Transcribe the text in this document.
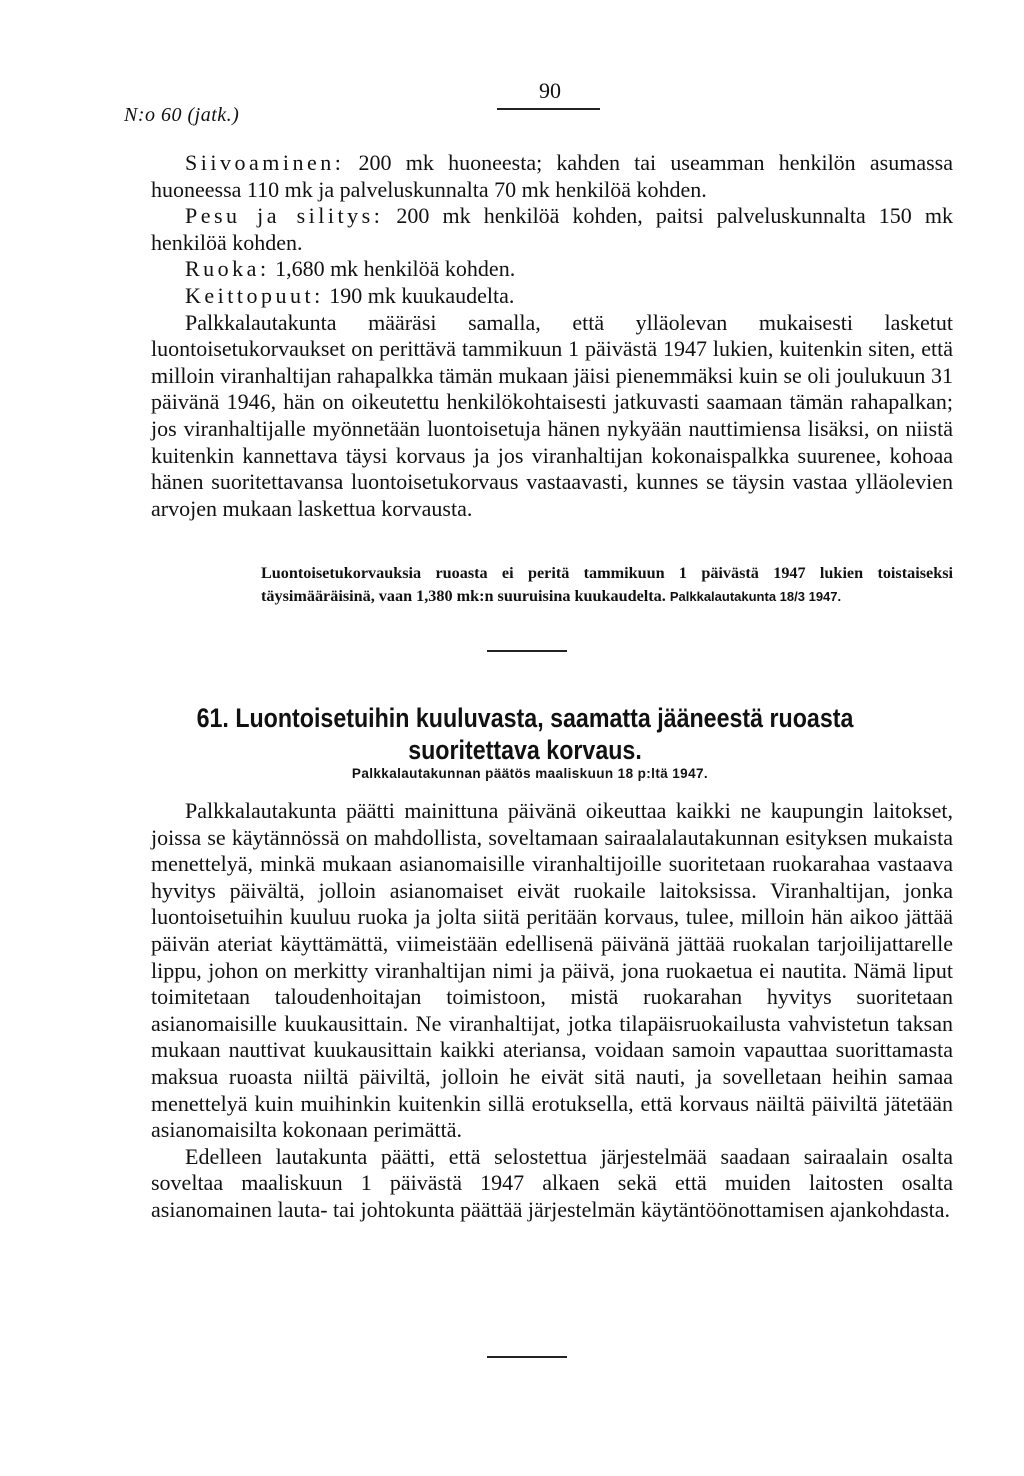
90
N:o 60 (jatk.)

Siivoaminen: 200 mk huoneesta; kahden tai useamman henkilön asumassa huoneessa 110 mk ja palveluskunnalta 70 mk henkilöä kohden.

Pesu ja silitys: 200 mk henkilöä kohden, paitsi palveluskunnalta 150 mk henkilöä kohden.

Ruoka: 1,680 mk henkilöä kohden.

Keittopuut: 190 mk kuukaudelta.

Palkkalautakunta määräsi samalla, että ylläolevan mukaisesti lasketut luontoisetukorvaukset on perittävä tammikuun 1 päivästä 1947 lukien, kuitenkin siten, että milloin viranhaltijan rahapalkka tämän mukaan jäisi pienemmäksi kuin se oli joulukuun 31 päivänä 1946, hän on oikeutettu henkilökohtaisesti jatkuvasti saamaan tämän rahapalkan; jos viranhaltijalle myönnetään luontoisetuja hänen nykyään nauttimiensa lisäksi, on niistä kuitenkin kannettava täysi korvaus ja jos viranhaltijan kokonaispalkka suurenee, kohoaa hänen suoritettavansa luontoisetukorvaus vastaavasti, kunnes se täysin vastaa ylläolevien arvojen mukaan laskettua korvausta.

Luontoisetukorvauksia ruoasta ei peritä tammikuun 1 päivästä 1947 lukien toistaiseksi täysimääräisinä, vaan 1,380 mk:n suuruisina kuukaudelta. Palkkalautakunta 18/3 1947.
61. Luontoisetuihin kuuluvasta, saamatta jääneestä ruoasta suoritettava korvaus.
Palkkalautakunnan päätös maaliskuun 18 p:ltä 1947.

Palkkalautakunta päätti mainittuna päivänä oikeuttaa kaikki ne kaupungin laitokset, joissa se käytännössä on mahdollista, soveltamaan sairaalalautakunnan esityksen mukaista menettelyä, minkä mukaan asianomaisille viranhaltijoille suoritetaan ruokarahaa vastaava hyvitys päivältä, jolloin asianomaiset eivät ruokaile laitoksissa. Viranhaltijan, jonka luontoisetuihin kuuluu ruoka ja jolta siitä peritään korvaus, tulee, milloin hän aikoo jättää päivän ateriat käyttämättä, viimeistään edellisenä päivänä jättää ruokalan tarjoilijattarelle lippu, johon on merkitty viranhaltijan nimi ja päivä, jona ruokaetua ei nautita. Nämä liput toimitetaan taloudenhoitajan toimistoon, mistä ruokarahan hyvitys suoritetaan asianomaisille kuukausittain. Ne viranhaltijat, jotka tilapäisruokailusta vahvistetun taksan mukaan nauttivat kuukausittain kaikki ateriansa, voidaan samoin vapauttaa suorittamasta maksua ruoasta niiltä päiviltä, jolloin he eivät sitä nauti, ja sovelletaan heihin samaa menettelyä kuin muihinkin kuitenkin sillä erotuksella, että korvaus näiltä päiviltä jätetään asianomaisilta kokonaan perimättä.

Edelleen lautakunta päätti, että selostettua järjestelmää saadaan sairaalain osalta soveltaa maaliskuun 1 päivästä 1947 alkaen sekä että muiden laitosten osalta asianomainen lauta- tai johtokunta päättää järjestelmän käytäntöönottamisen ajankohdasta.
